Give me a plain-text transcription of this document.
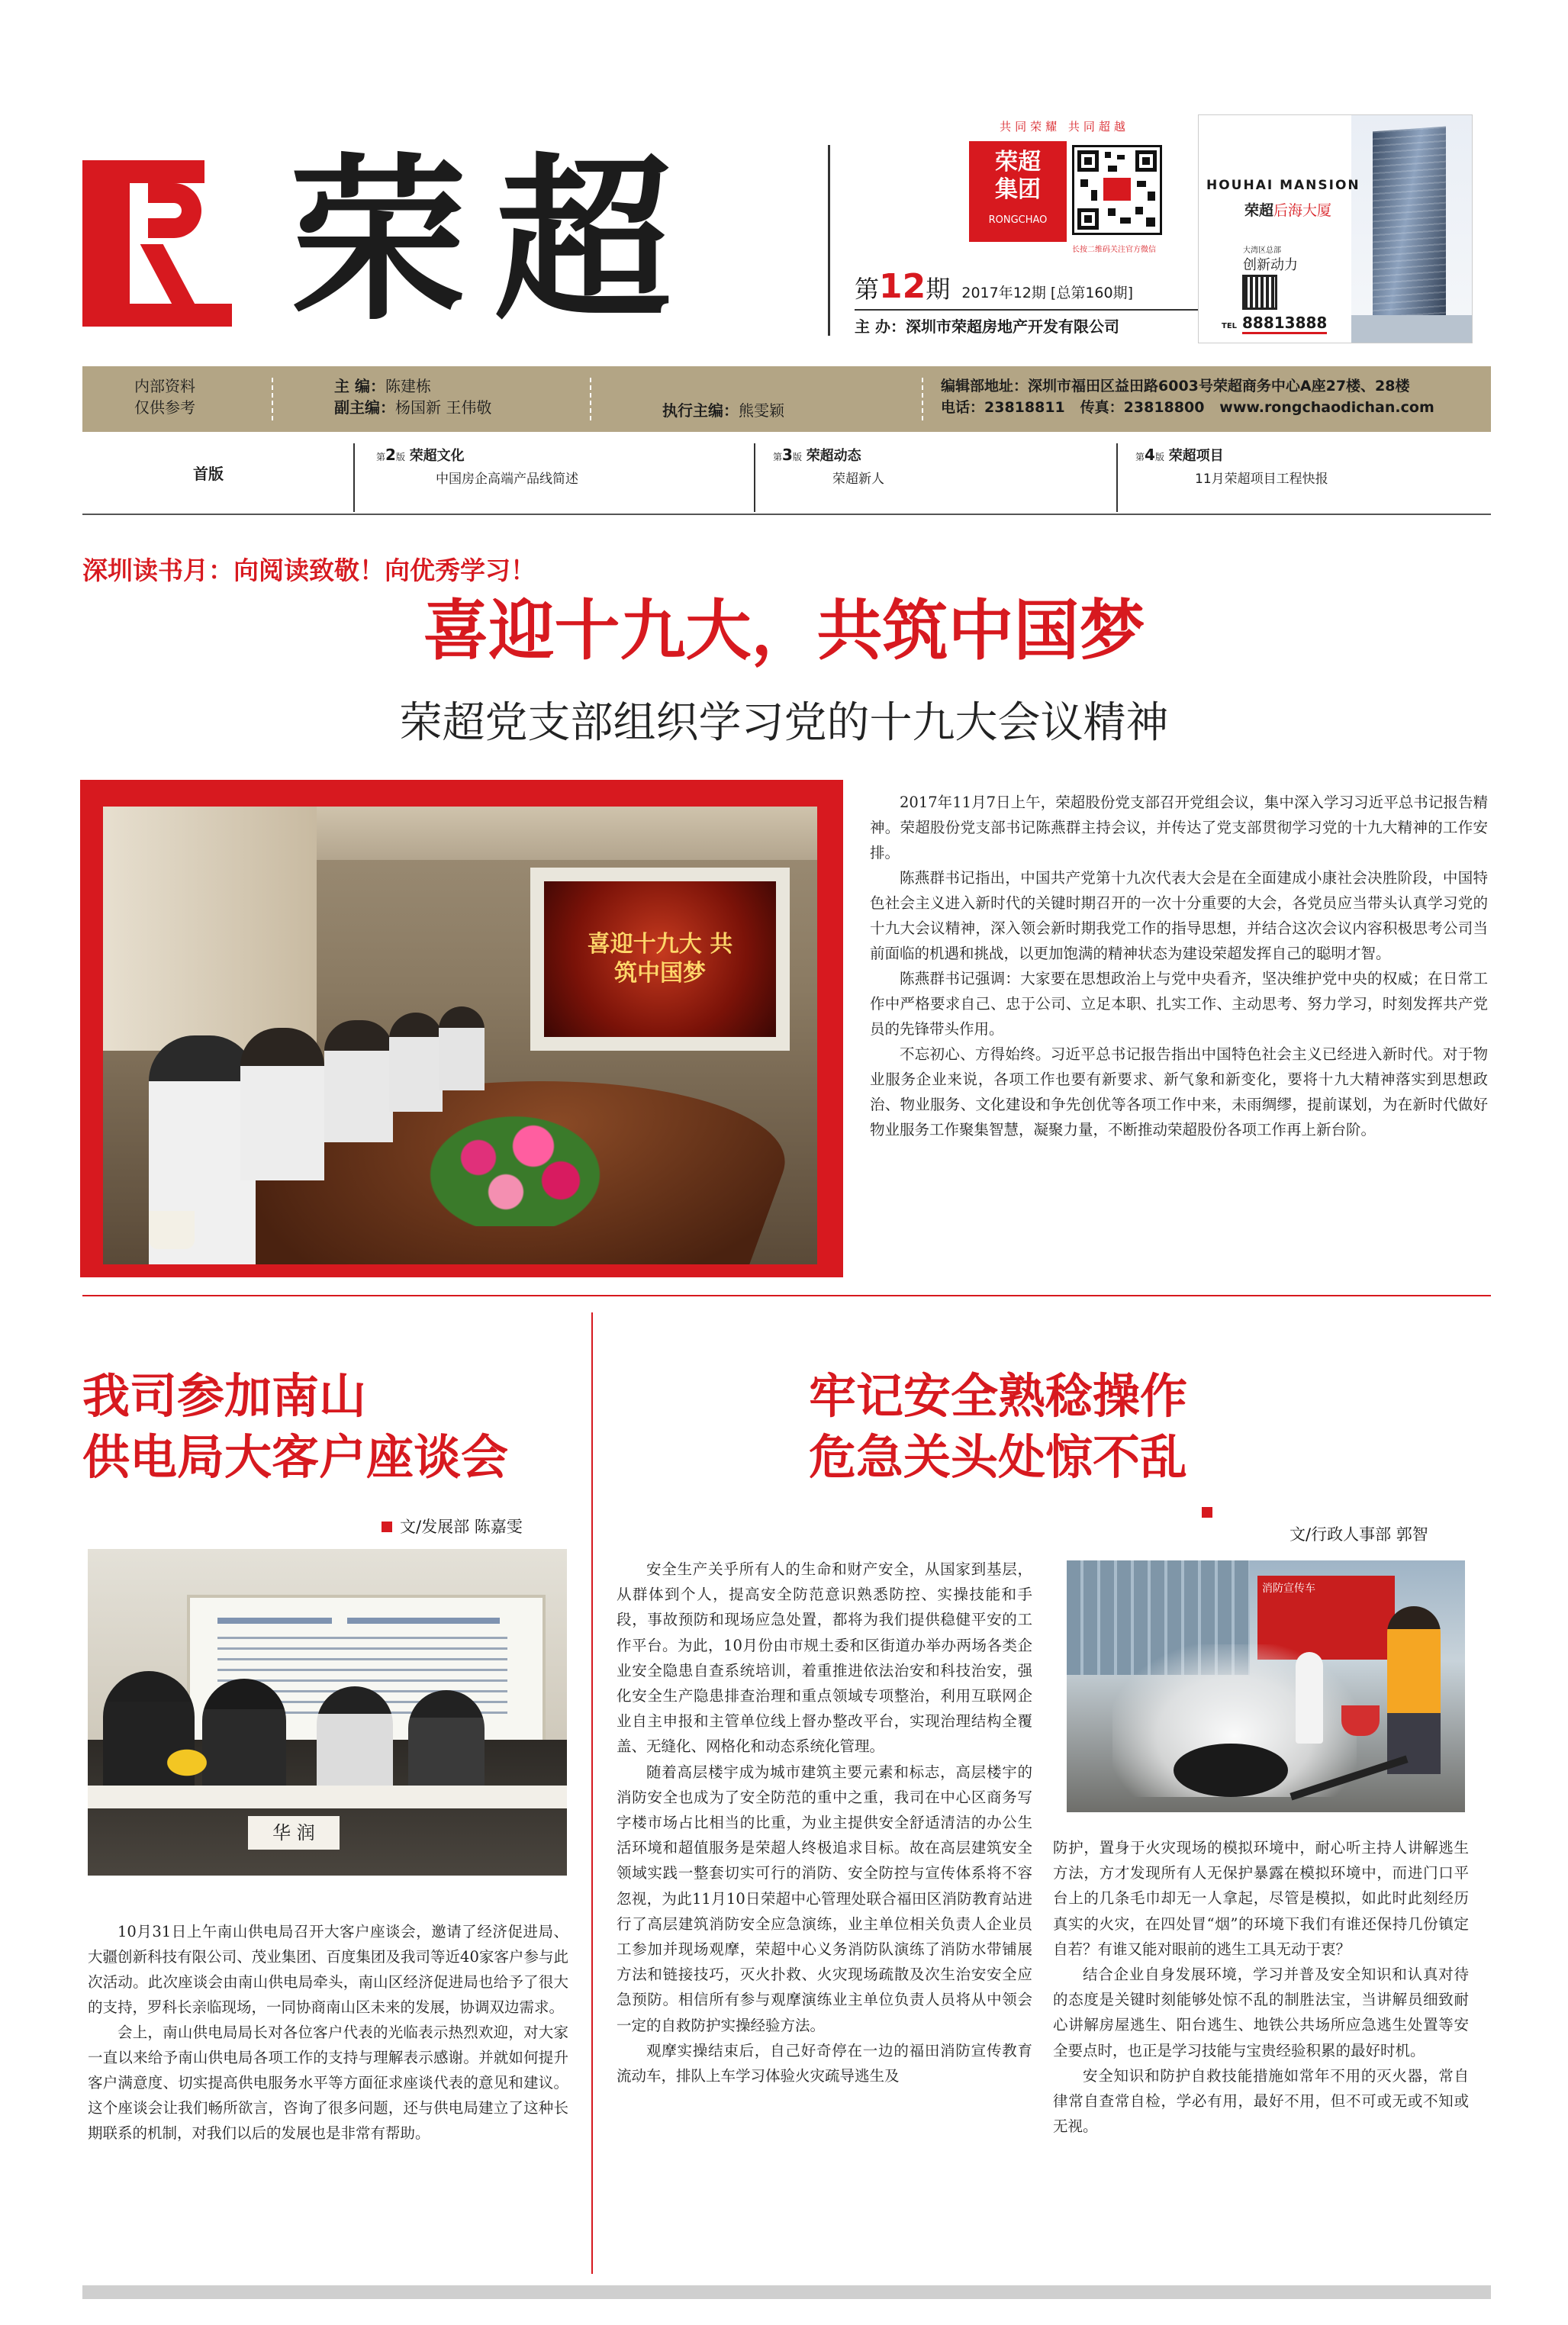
荣超
共同荣耀 共同超越
荣超
集团
RONGCHAO
长按二维码关注官方微信
第12期 2017年12期 [总第160期]
主 办：深圳市荣超房地产开发有限公司
HOUHAI MANSION
荣超后海大厦
大湾区总部
创新动力
TEL 88813888
内部资料
仅供参考
主 编：陈建栋
副主编：杨国新 王伟敬	执行主编：熊雯颖
编辑部地址：深圳市福田区益田路6003号荣超商务中心A座27楼、28楼
电话：23818811 传真：23818800 www.rongchaodichan.com
首版
第2版 荣超文化
中国房企高端产品线简述
第3版 荣超动态
荣超新人
第4版 荣超项目
11月荣超项目工程快报
深圳读书月：向阅读致敬！向优秀学习！
喜迎十九大，共筑中国梦
荣超党支部组织学习党的十九大会议精神
喜迎十九大 共筑中国梦

2017年11月7日上午，荣超股份党支部召开党组会议，集中深入学习习近平总书记报告精神。荣超股份党支部书记陈燕群主持会议，并传达了党支部贯彻学习党的十九大精神的工作安排。

陈燕群书记指出，中国共产党第十九次代表大会是在全面建成小康社会决胜阶段，中国特色社会主义进入新时代的关键时期召开的一次十分重要的大会，各党员应当带头认真学习党的十九大会议精神，深入领会新时期我党工作的指导思想，并结合这次会议内容积极思考公司当前面临的机遇和挑战，以更加饱满的精神状态为建设荣超发挥自己的聪明才智。

陈燕群书记强调：大家要在思想政治上与党中央看齐，坚决维护党中央的权威；在日常工作中严格要求自己、忠于公司、立足本职、扎实工作、主动思考、努力学习，时刻发挥共产党员的先锋带头作用。

不忘初心、方得始终。习近平总书记报告指出中国特色社会主义已经进入新时代。对于物业服务企业来说，各项工作也要有新要求、新气象和新变化，要将十九大精神落实到思想政治、物业服务、文化建设和争先创优等各项工作中来，未雨绸缪，提前谋划，为在新时代做好物业服务工作聚集智慧，凝聚力量，不断推动荣超股份各项工作再上新台阶。

我司参加南山
供电局大客户座谈会
文/发展部 陈嘉雯
华 润

10月31日上午南山供电局召开大客户座谈会，邀请了经济促进局、大疆创新科技有限公司、茂业集团、百度集团及我司等近40家客户参与此次活动。此次座谈会由南山供电局牵头，南山区经济促进局也给予了很大的支持，罗科长亲临现场，一同协商南山区未来的发展，协调双边需求。

会上，南山供电局局长对各位客户代表的光临表示热烈欢迎，对大家一直以来给予南山供电局各项工作的支持与理解表示感谢。并就如何提升客户满意度、切实提高供电服务水平等方面征求座谈代表的意见和建议。这个座谈会让我们畅所欲言，咨询了很多问题，还与供电局建立了这种长期联系的机制，对我们以后的发展也是非常有帮助。

牢记安全熟稔操作
危急关头处惊不乱
文/行政人事部 郭智
消防宣传车

安全生产关乎所有人的生命和财产安全，从国家到基层，从群体到个人，提高安全防范意识熟悉防控、实操技能和手段，事故预防和现场应急处置，都将为我们提供稳健平安的工作平台。为此，10月份由市规土委和区街道办举办两场各类企业安全隐患自查系统培训，着重推进依法治安和科技治安，强化安全生产隐患排查治理和重点领域专项整治，利用互联网企业自主申报和主管单位线上督办整改平台，实现治理结构全覆盖、无缝化、网格化和动态系统化管理。

随着高层楼宇成为城市建筑主要元素和标志，高层楼宇的消防安全也成为了安全防范的重中之重，我司在中心区商务写字楼市场占比相当的比重，为业主提供安全舒适清洁的办公生活环境和超值服务是荣超人终极追求目标。故在高层建筑安全领域实践一整套切实可行的消防、安全防控与宣传体系将不容忽视，为此11月10日荣超中心管理处联合福田区消防教育站进行了高层建筑消防安全应急演练，业主单位相关负责人企业员工参加并现场观摩，荣超中心义务消防队演练了消防水带铺展方法和链接技巧，灭火扑救、火灾现场疏散及次生治安安全应急预防。相信所有参与观摩演练业主单位负责人员将从中领会一定的自救防护实操经验方法。

观摩实操结束后，自己好奇停在一边的福田消防宣传教育流动车，排队上车学习体验火灾疏导逃生及

防护，置身于火灾现场的模拟环境中，耐心听主持人讲解逃生方法，方才发现所有人无保护暴露在模拟环境中，而进门口平台上的几条毛巾却无一人拿起，尽管是模拟，如此时此刻经历真实的火灾，在四处冒“烟”的环境下我们有谁还保持几份镇定自若？有谁又能对眼前的逃生工具无动于衷？

结合企业自身发展环境，学习并普及安全知识和认真对待的态度是关键时刻能够处惊不乱的制胜法宝，当讲解员细致耐心讲解房屋逃生、阳台逃生、地铁公共场所应急逃生处置等安全要点时，也正是学习技能与宝贵经验积累的最好时机。

安全知识和防护自救技能措施如常年不用的灭火器，常自律常自查常自检，学必有用，最好不用，但不可或无或不知或无视。
